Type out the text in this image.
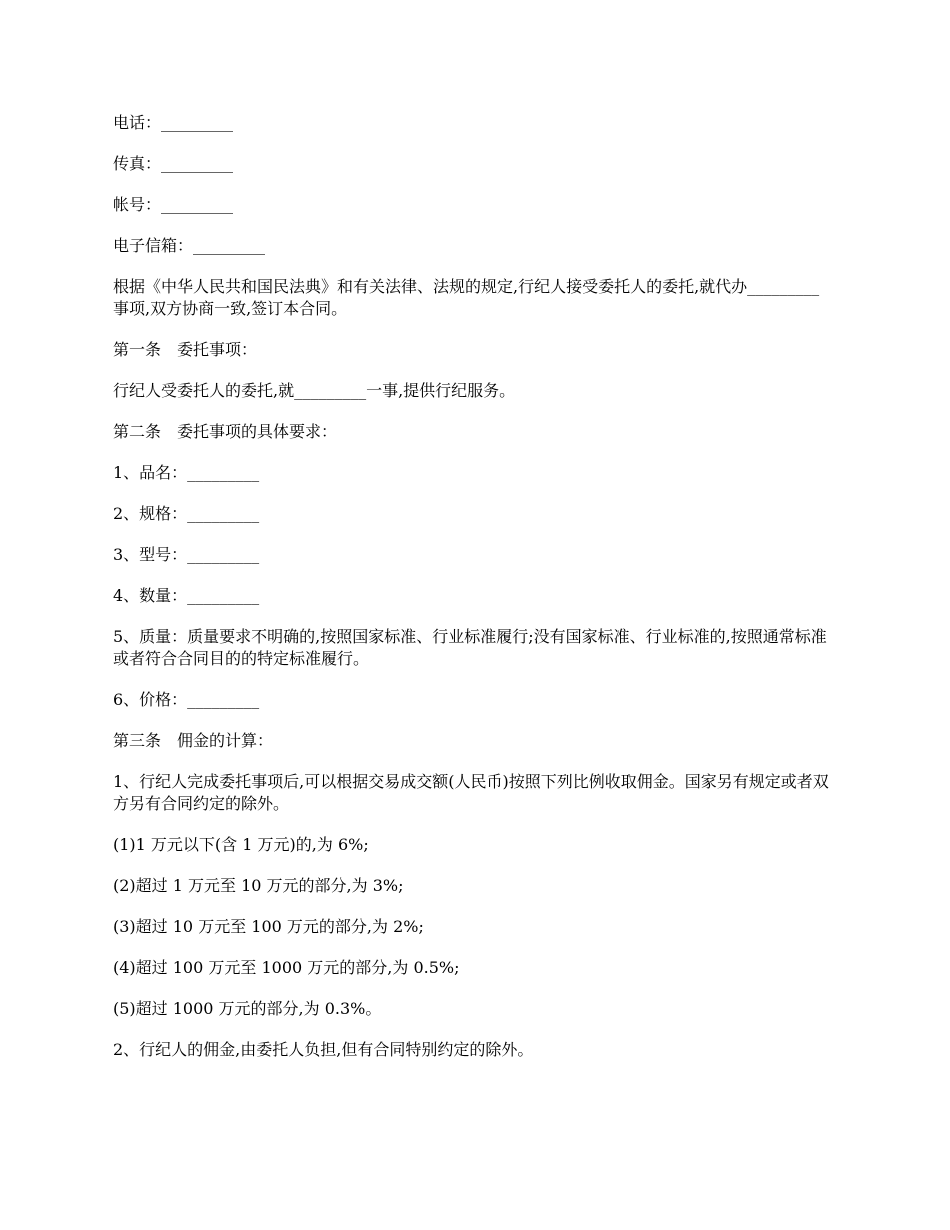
电话：_________

传真：_________

帐号：_________

电子信箱：_________

根据《中华人民共和国民法典》和有关法律、法规的规定,行纪人接受委托人的委托,就代办_________事项,双方协商一致,签订本合同。

第一条　委托事项：

行纪人受委托人的委托,就_________一事,提供行纪服务。

第二条　委托事项的具体要求：

1、品名：_________

2、规格：_________

3、型号：_________

4、数量：_________

5、质量：质量要求不明确的,按照国家标准、行业标准履行;没有国家标准、行业标准的,按照通常标准或者符合合同目的的特定标准履行。

6、价格：_________

第三条　佣金的计算：

1、行纪人完成委托事项后,可以根据交易成交额(人民币)按照下列比例收取佣金。国家另有规定或者双方另有合同约定的除外。

(1)1 万元以下(含 1 万元)的,为 6%;

(2)超过 1 万元至 10 万元的部分,为 3%;

(3)超过 10 万元至 100 万元的部分,为 2%;

(4)超过 100 万元至 1000 万元的部分,为 0.5%;

(5)超过 1000 万元的部分,为 0.3%。

2、行纪人的佣金,由委托人负担,但有合同特别约定的除外。
